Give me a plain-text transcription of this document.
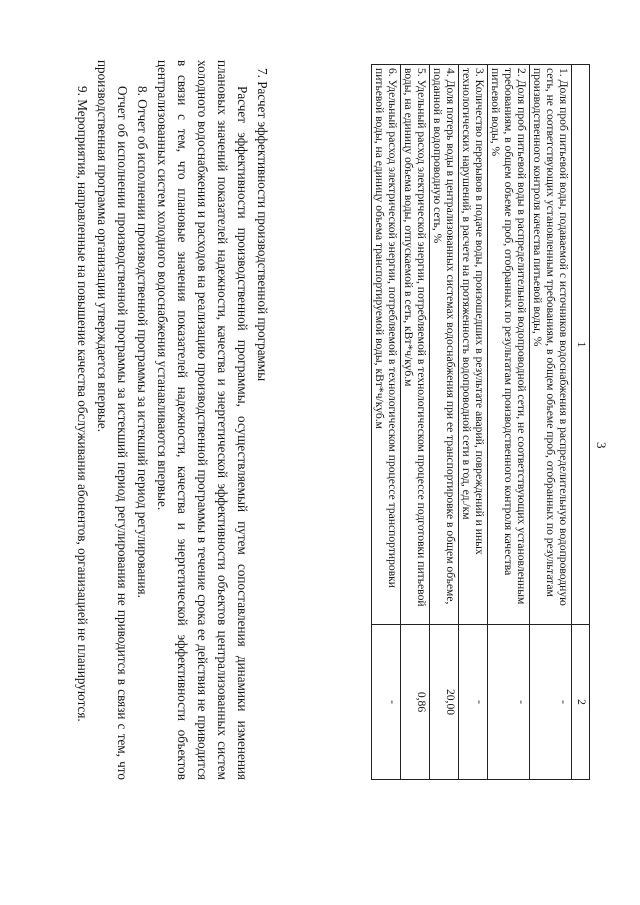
3
1	2
1. Доля проб питьевой воды, подаваемой с источников водоснабжения в распределительную водопроводную сеть, не соответствующих установленным требованиям, в общем объеме проб, отобранных по результатам производственного контроля качества питьевой воды, %	-
2. Доля проб питьевой воды в распределительной водопроводной сети, не соответствующих установленным требованиям, в общем объеме проб, отобранных по результатам производственного контроля качества питьевой воды, %	-
3. Количество перерывов в подаче воды, произошедших в результате аварий, повреждений и иных технологических нарушений, в расчете на протяженность водопроводной сети в год, ед./км	-
4. Доля потерь воды в централизованных системах водоснабжения при ее транспортировке в общем объеме, поданной в водопроводную сеть, %	20,00
5. Удельный расход электрической энергии, потребляемой в технологическом процессе подготовки питьевой воды, на единицу объема воды, отпускаемой в сеть, кВт*ч/куб.м	0,86
6. Удельный расход электрической энергии, потребляемой в технологическом процессе транспортировки питьевой воды, на единицу объема транспортируемой воды, кВт*ч/куб.м	-

7. Расчет эффективности производственной программы

Расчет эффективности производственной программы, осуществляемый путем сопоставления динамики изменения плановых значений показателей надежности, качества и энергетической эффективности объектов централизованных систем холодного водоснабжения и расходов на реализацию производственной программы в течение срока ее действия не приводится в связи с тем, что плановые значения показателей надежности, качества и энергетической эффективности объектов централизованных систем холодного водоснабжения устанавливаются впервые.

8. Отчет об исполнении производственной программы за истекший период регулирования.

Отчет об исполнении производственной программы за истекший период регулирования не приводится в связи с тем, что производственная программа организации утверждается впервые.

9. Мероприятия, направленные на повышение качества обслуживания абонентов, организацией не планируются.
